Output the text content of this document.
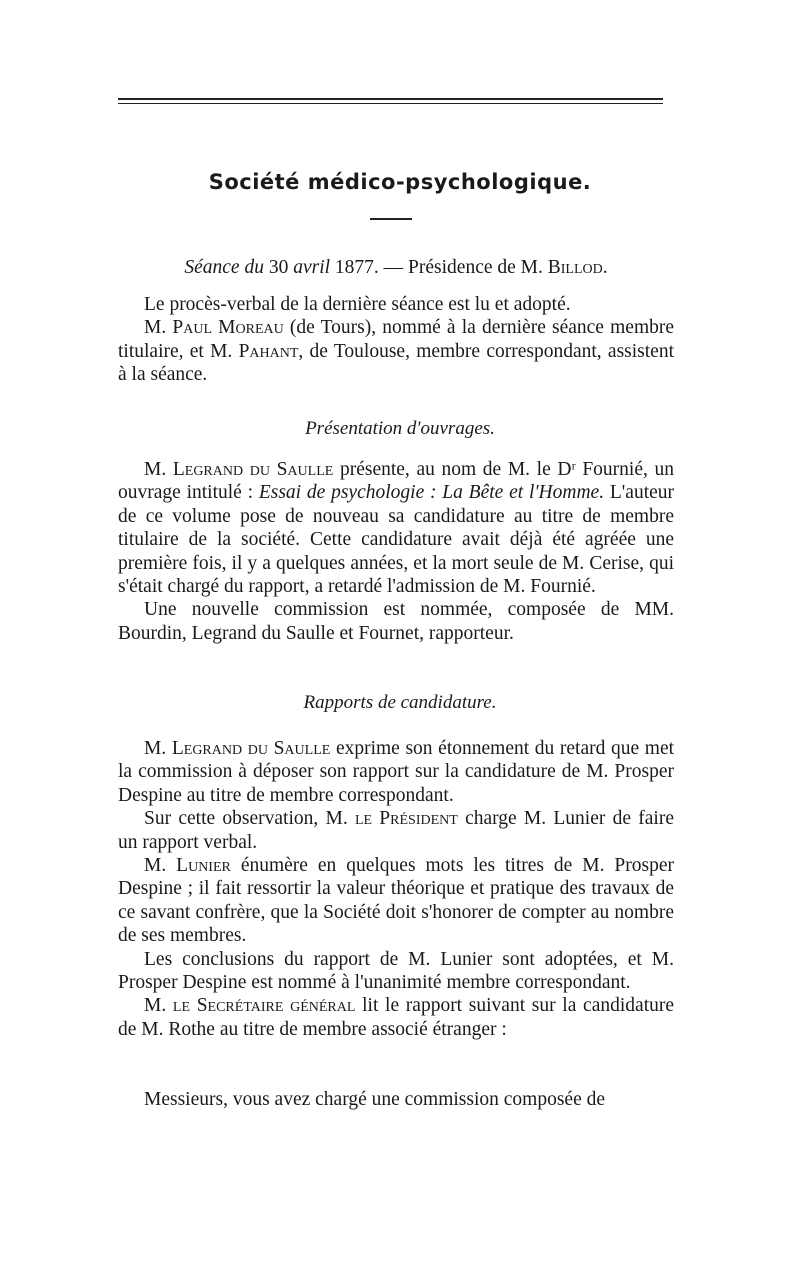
Société médico-psychologique.
Séance du 30 avril 1877. — Présidence de M. Billod.

Le procès-verbal de la dernière séance est lu et adopté.

M. Paul Moreau (de Tours), nommé à la dernière séance membre titulaire, et M. Pahant, de Toulouse, membre correspondant, assistent à la séance.

Présentation d'ouvrages.

M. Legrand du Saulle présente, au nom de M. le Dʳ Fournié, un ouvrage intitulé : Essai de psychologie : La Bête et l'Homme. L'auteur de ce volume pose de nouveau sa candidature au titre de membre titulaire de la société. Cette candidature avait déjà été agréée une première fois, il y a quelques années, et la mort seule de M. Cerise, qui s'était chargé du rapport, a retardé l'admission de M. Fournié.

Une nouvelle commission est nommée, composée de MM. Bourdin, Legrand du Saulle et Fournet, rapporteur.

Rapports de candidature.

M. Legrand du Saulle exprime son étonnement du retard que met la commission à déposer son rapport sur la candidature de M. Prosper Despine au titre de membre correspondant.

Sur cette observation, M. le Président charge M. Lunier de faire un rapport verbal.

M. Lunier énumère en quelques mots les titres de M. Prosper Despine ; il fait ressortir la valeur théorique et pratique des travaux de ce savant confrère, que la Société doit s'honorer de compter au nombre de ses membres.

Les conclusions du rapport de M. Lunier sont adoptées, et M. Prosper Despine est nommé à l'unanimité membre correspondant.

M. le Secrétaire général lit le rapport suivant sur la candidature de M. Rothe au titre de membre associé étranger :

Messieurs, vous avez chargé une commission composée de
